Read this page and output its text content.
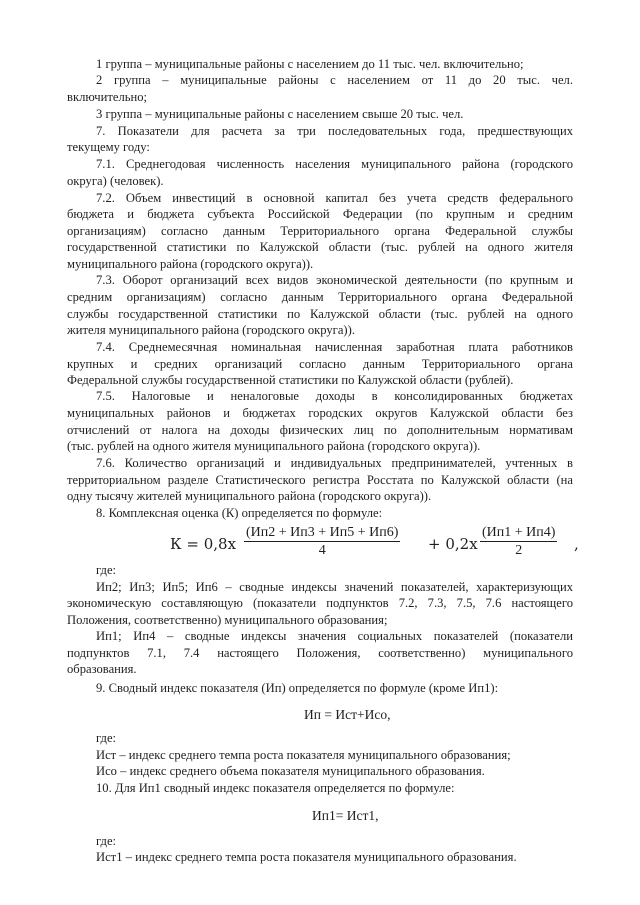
1 группа – муниципальные районы с населением до 11 тыс. чел. включительно;
2 группа – муниципальные районы с населением от 11 до 20 тыс. чел.
включительно;
3 группа – муниципальные районы с населением свыше 20 тыс. чел.
7. Показатели для расчета за три последовательных года, предшествующих
текущему году:
7.1. Среднегодовая численность населения муниципального района (городского
округа) (человек).
7.2. Объем инвестиций в основной капитал без учета средств федерального
бюджета и бюджета субъекта Российской Федерации (по крупным и средним
организациям) согласно данным Территориального органа Федеральной службы
государственной статистики по Калужской области (тыс. рублей на одного жителя
муниципального района (городского округа)).
7.3. Оборот организаций всех видов экономической деятельности (по крупным и
средним организациям) согласно данным Территориального органа Федеральной
службы государственной статистики по Калужской области (тыс. рублей на одного
жителя муниципального района (городского округа)).
7.4. Среднемесячная номинальная начисленная заработная плата работников
крупных и средних организаций согласно данным Территориального органа
Федеральной службы государственной статистики по Калужской области (рублей).
7.5. Налоговые и неналоговые доходы в консолидированных бюджетах
муниципальных районов и бюджетах городских округов Калужской области без
отчислений от налога на доходы физических лиц по дополнительным нормативам
(тыс. рублей на одного жителя муниципального района (городского округа)).
7.6. Количество организаций и индивидуальных предпринимателей, учтенных в
территориальном разделе Статистического регистра Росстата по Калужской области (на
одну тысячу жителей муниципального района (городского округа)).
8. Комплексная оценка (К) определяется по формуле:
К = 0,8х
(Ип2 + Ип3 + Ип5 + Ип6)
4	+ 0,2х
(Ип1 + Ип4)
2	,
где:
Ип2; Ип3; Ип5; Ип6 – сводные индексы значений показателей, характеризующих
экономическую составляющую (показатели подпунктов 7.2, 7.3, 7.5, 7.6 настоящего
Положения, соответственно) муниципального образования;
Ип1; Ип4 – сводные индексы значения социальных показателей (показатели
подпунктов 7.1, 7.4 настоящего Положения, соответственно) муниципального
образования.
9. Сводный индекс показателя (Ип) определяется по формуле (кроме Ип1):
Ип = Иcт+Исо,
где:
Ист – индекс среднего темпа роста показателя муниципального образования;
Исо – индекс среднего объема показателя муниципального образования.
10. Для Ип1 сводный индекс показателя определяется по формуле:
Ип1= Ист1,
где:
Ист1 – индекс среднего темпа роста показателя муниципального образования.
